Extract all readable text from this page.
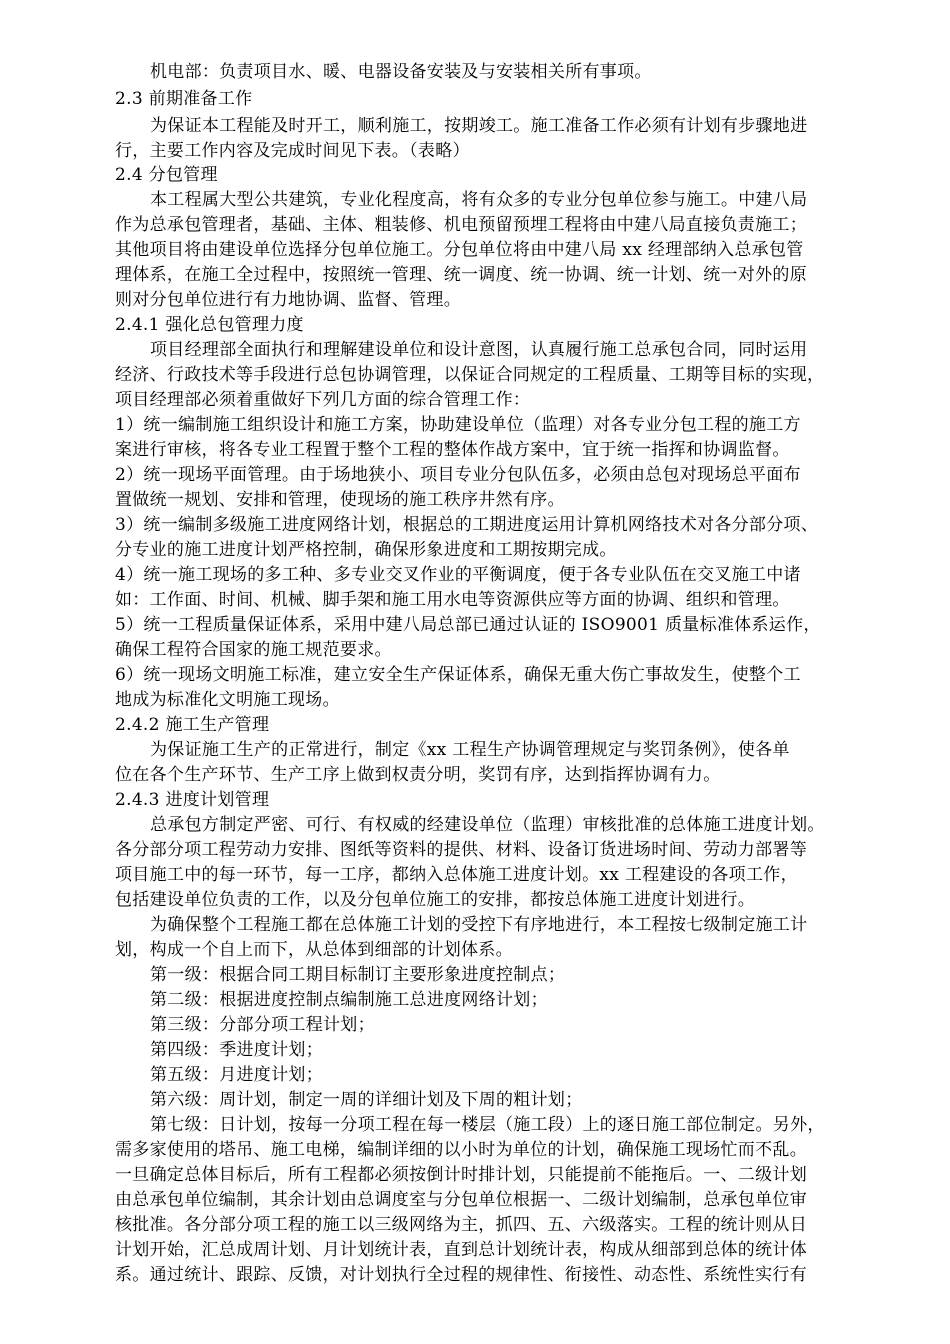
机电部：负责项目水、暖、电器设备安装及与安装相关所有事项。
2.3 前期准备工作
为保证本工程能及时开工，顺利施工，按期竣工。施工准备工作必须有计划有步骤地进
行，主要工作内容及完成时间见下表。（表略）
2.4 分包管理
本工程属大型公共建筑，专业化程度高，将有众多的专业分包单位参与施工。中建八局
作为总承包管理者，基础、主体、粗装修、机电预留预埋工程将由中建八局直接负责施工；
其他项目将由建设单位选择分包单位施工。分包单位将由中建八局 xx 经理部纳入总承包管
理体系，在施工全过程中，按照统一管理、统一调度、统一协调、统一计划、统一对外的原
则对分包单位进行有力地协调、监督、管理。
2.4.1 强化总包管理力度
项目经理部全面执行和理解建设单位和设计意图，认真履行施工总承包合同，同时运用
经济、行政技术等手段进行总包协调管理，以保证合同规定的工程质量、工期等目标的实现，
项目经理部必须着重做好下列几方面的综合管理工作：
1）统一编制施工组织设计和施工方案，协助建设单位（监理）对各专业分包工程的施工方
案进行审核，将各专业工程置于整个工程的整体作战方案中，宜于统一指挥和协调监督。
2）统一现场平面管理。由于场地狭小、项目专业分包队伍多，必须由总包对现场总平面布
置做统一规划、安排和管理，使现场的施工秩序井然有序。
3）统一编制多级施工进度网络计划，根据总的工期进度运用计算机网络技术对各分部分项、
分专业的施工进度计划严格控制，确保形象进度和工期按期完成。
4）统一施工现场的多工种、多专业交叉作业的平衡调度，便于各专业队伍在交叉施工中诸
如：工作面、时间、机械、脚手架和施工用水电等资源供应等方面的协调、组织和管理。
5）统一工程质量保证体系，采用中建八局总部已通过认证的 ISO9001 质量标准体系运作，
确保工程符合国家的施工规范要求。
6）统一现场文明施工标准，建立安全生产保证体系，确保无重大伤亡事故发生，使整个工
地成为标准化文明施工现场。
2.4.2 施工生产管理
为保证施工生产的正常进行，制定《xx 工程生产协调管理规定与奖罚条例》，使各单
位在各个生产环节、生产工序上做到权责分明，奖罚有序，达到指挥协调有力。
2.4.3 进度计划管理
总承包方制定严密、可行、有权威的经建设单位（监理）审核批准的总体施工进度计划。
各分部分项工程劳动力安排、图纸等资料的提供、材料、设备订货进场时间、劳动力部署等
项目施工中的每一环节，每一工序，都纳入总体施工进度计划。xx 工程建设的各项工作，
包括建设单位负责的工作，以及分包单位施工的安排，都按总体施工进度计划进行。
为确保整个工程施工都在总体施工计划的受控下有序地进行，本工程按七级制定施工计
划，构成一个自上而下，从总体到细部的计划体系。
第一级：根据合同工期目标制订主要形象进度控制点；
第二级：根据进度控制点编制施工总进度网络计划；
第三级：分部分项工程计划；
第四级：季进度计划；
第五级：月进度计划；
第六级：周计划，制定一周的详细计划及下周的粗计划；
第七级：日计划，按每一分项工程在每一楼层（施工段）上的逐日施工部位制定。另外，
需多家使用的塔吊、施工电梯，编制详细的以小时为单位的计划，确保施工现场忙而不乱。
一旦确定总体目标后，所有工程都必须按倒计时排计划，只能提前不能拖后。一、二级计划
由总承包单位编制，其余计划由总调度室与分包单位根据一、二级计划编制，总承包单位审
核批准。各分部分项工程的施工以三级网络为主，抓四、五、六级落实。工程的统计则从日
计划开始，汇总成周计划、月计划统计表，直到总计划统计表，构成从细部到总体的统计体
系。通过统计、跟踪、反馈，对计划执行全过程的规律性、衔接性、动态性、系统性实行有
